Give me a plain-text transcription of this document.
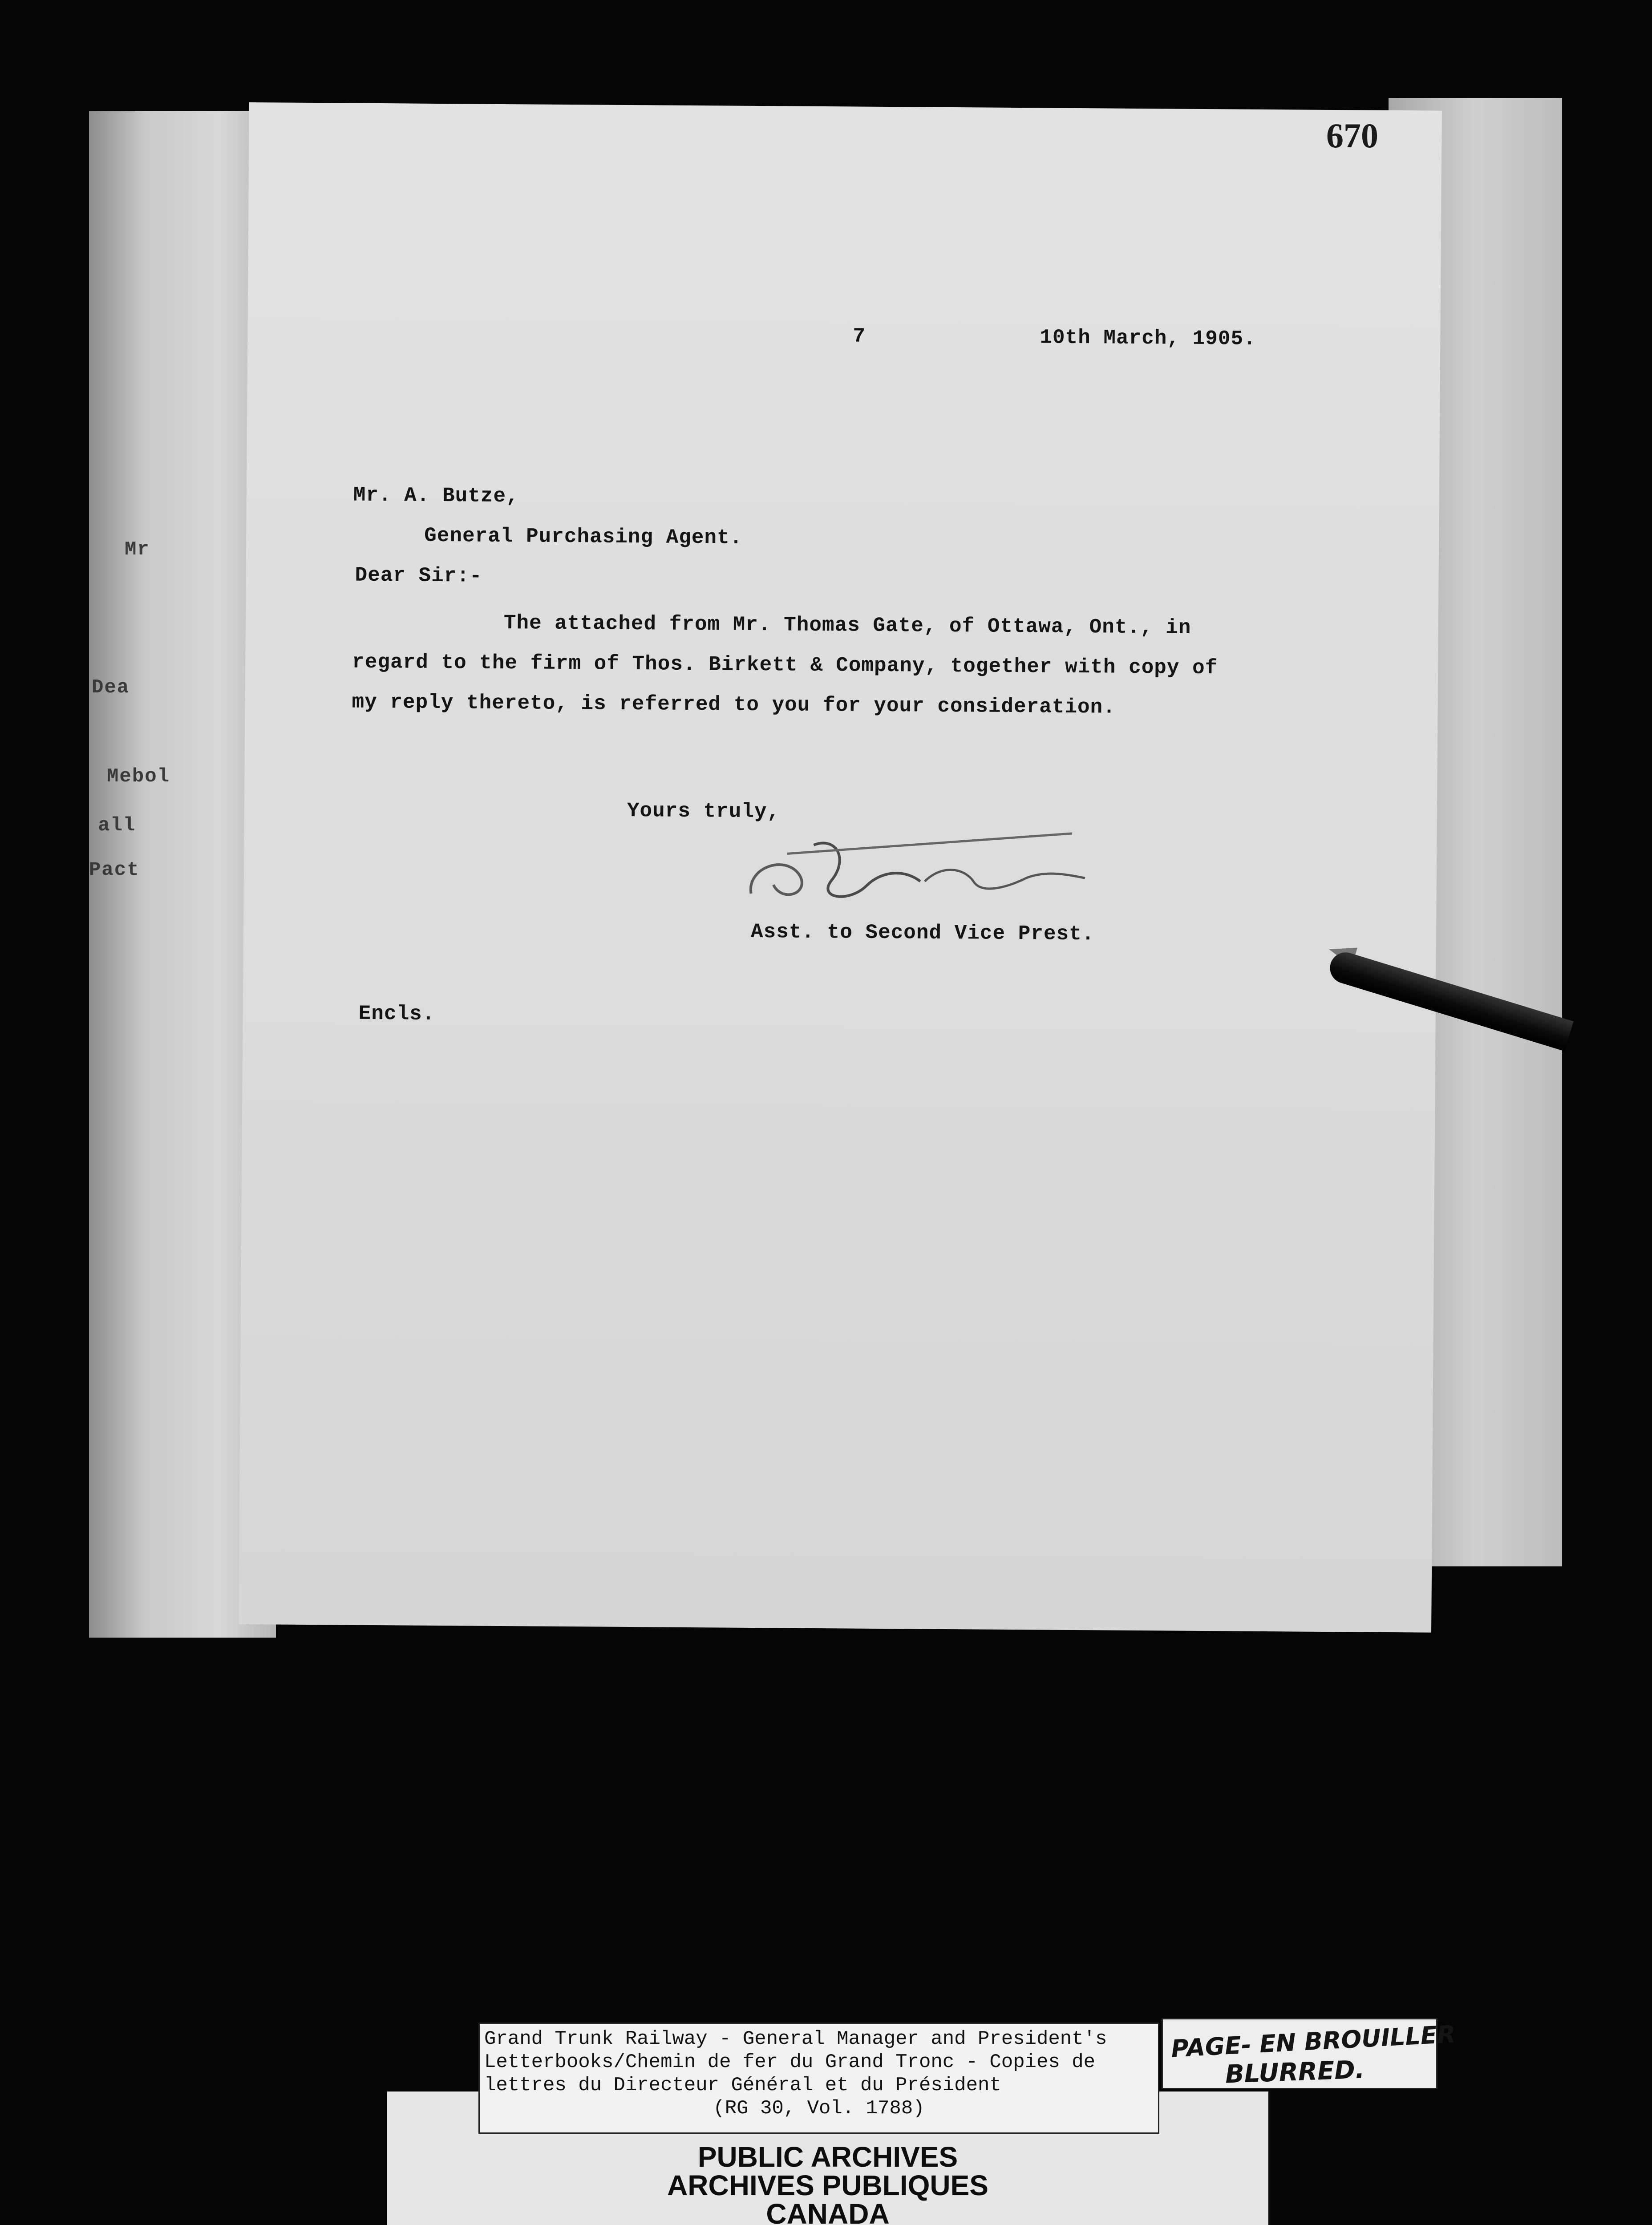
Mr
Dea
Mebol
all
Pact
7	10th March, 1905.
Mr. A. Butze,
General Purchasing Agent.
Dear Sir:-
The attached from Mr. Thomas Gate, of Ottawa, Ont., in
regard to the firm of Thos. Birkett & Company, together with copy of
my reply thereto, is referred to you for your consideration.
Yours truly,
Asst. to Second Vice Prest.
Encls.
670
Grand Trunk Railway - General Manager and President's
Letterbooks/Chemin de fer du Grand Tronc - Copies de
lettres du Directeur Général et du Président
(RG 30, Vol. 1788)
PAGE- EN BROUILLER
BLURRED.
PUBLIC ARCHIVES
ARCHIVES PUBLIQUES
CANADA
